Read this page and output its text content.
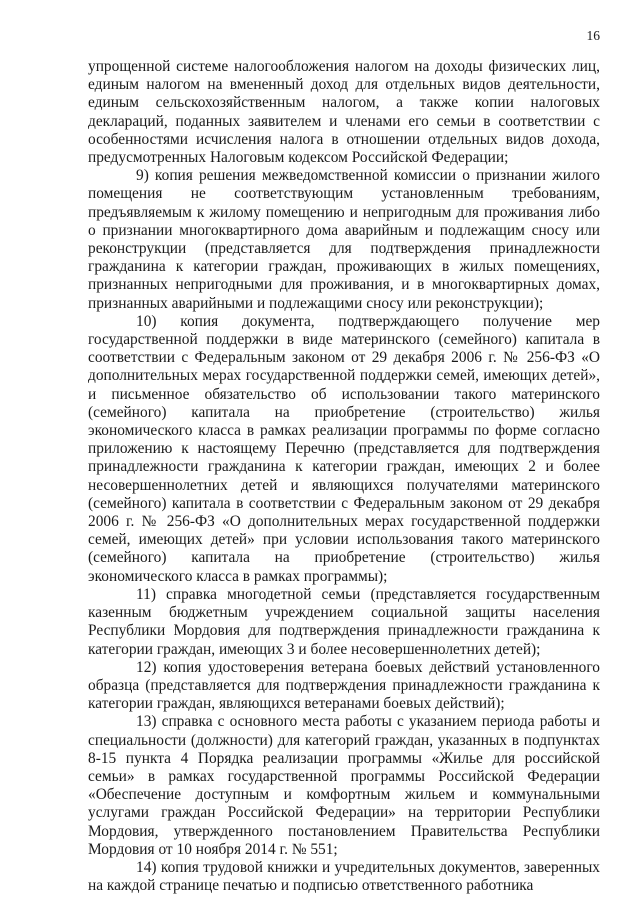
16

упрощенной системе налогообложения налогом на доходы физических лиц, единым налогом на вмененный доход для отдельных видов деятельности, единым сельскохозяйственным налогом, а также копии налоговых деклараций, поданных заявителем и членами его семьи в соответствии с особенностями исчисления налога в отношении отдельных видов дохода, предусмотренных Налоговым кодексом Российской Федерации;

9) копия решения межведомственной комиссии о признании жилого помещения не соответствующим установленным требованиям, предъявляемым к жилому помещению и непригодным для проживания либо о признании многоквартирного дома аварийным и подлежащим сносу или реконструкции (представляется для подтверждения принадлежности гражданина к категории граждан, проживающих в жилых помещениях, признанных непригодными для проживания, и в многоквартирных домах, признанных аварийными и подлежащими сносу или реконструкции);

10) копия документа, подтверждающего получение мер государственной поддержки в виде материнского (семейного) капитала в соответствии с Федеральным законом от 29 декабря 2006 г. № 256-ФЗ «О дополнительных мерах государственной поддержки семей, имеющих детей», и письменное обязательство об использовании такого материнского (семейного) капитала на приобретение (строительство) жилья экономического класса в рамках реализации программы по форме согласно приложению к настоящему Перечню (представляется для подтверждения принадлежности гражданина к категории граждан, имеющих 2 и более несовершеннолетних детей и являющихся получателями материнского (семейного) капитала в соответствии с Федеральным законом от 29 декабря 2006 г. № 256-ФЗ «О дополнительных мерах государственной поддержки семей, имеющих детей» при условии использования такого материнского (семейного) капитала на приобретение (строительство) жилья экономического класса в рамках программы);

11) справка многодетной семьи (представляется государственным казенным бюджетным учреждением социальной защиты населения Республики Мордовия для подтверждения принадлежности гражданина к категории граждан, имеющих 3 и более несовершеннолетних детей);

12) копия удостоверения ветерана боевых действий установленного образца (представляется для подтверждения принадлежности гражданина к категории граждан, являющихся ветеранами боевых действий);

13) справка с основного места работы с указанием периода работы и специальности (должности) для категорий граждан, указанных в подпунктах 8-15 пункта 4 Порядка реализации программы «Жилье для российской семьи» в рамках государственной программы Российской Федерации «Обеспечение доступным и комфортным жильем и коммунальными услугами граждан Российской Федерации» на территории Республики Мордовия, утвержденного постановлением Правительства Республики Мордовия от 10 ноября 2014 г. № 551;

14) копия трудовой книжки и учредительных документов, заверенных на каждой странице печатью и подписью ответственного работника
